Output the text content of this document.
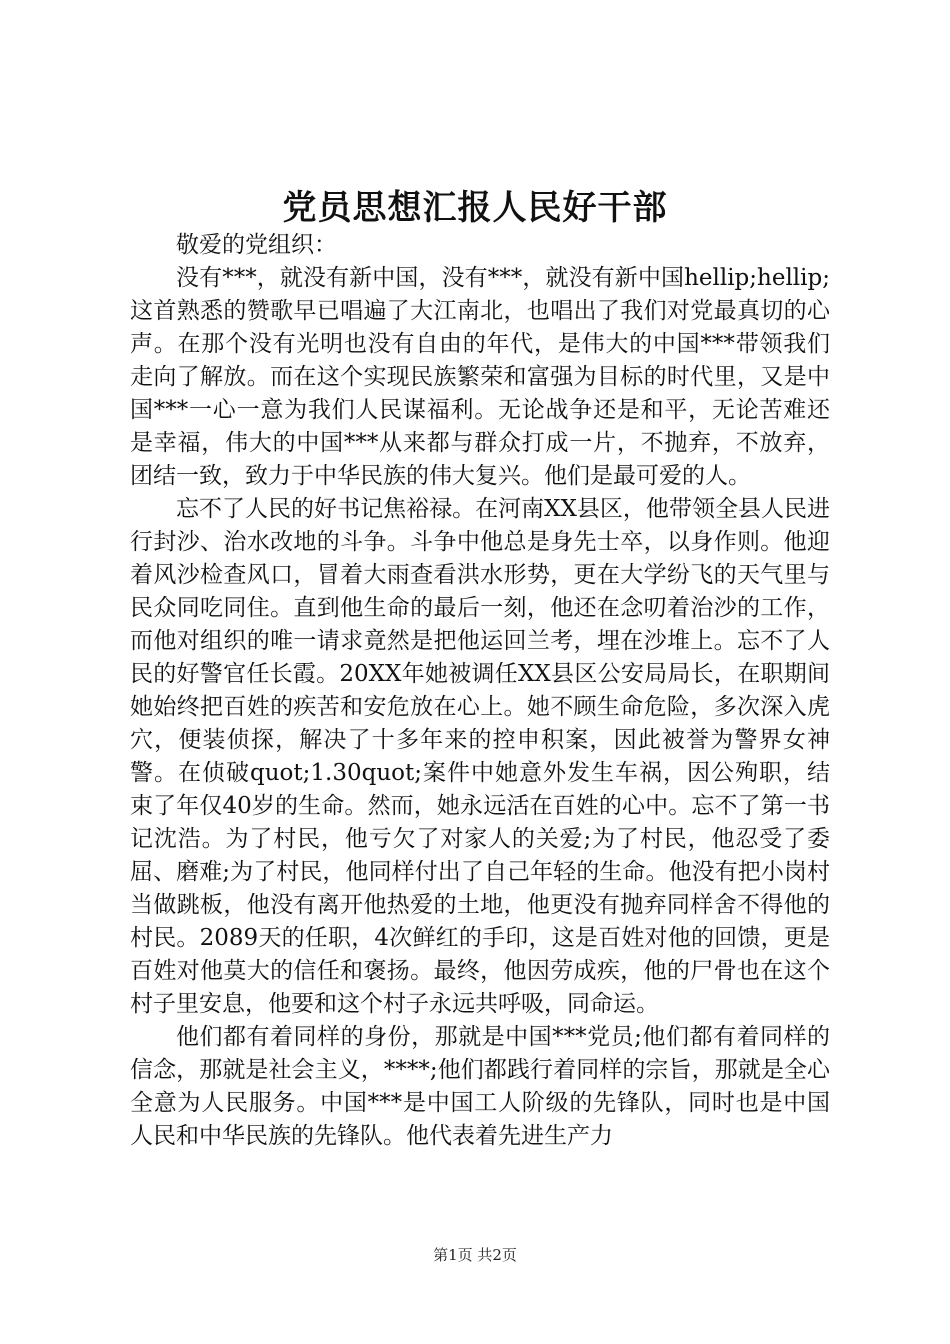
党员思想汇报人民好干部

敬爱的党组织：

没有***，就没有新中国，没有***，就没有新中国hellip;hellip;这首熟悉的赞歌早已唱遍了大江南北，也唱出了我们对党最真切的心声。在那个没有光明也没有自由的年代，是伟大的中国***带领我们走向了解放。而在这个实现民族繁荣和富强为目标的时代里，又是中国***一心一意为我们人民谋福利。无论战争还是和平，无论苦难还是幸福，伟大的中国***从来都与群众打成一片，不抛弃，不放弃，团结一致，致力于中华民族的伟大复兴。他们是最可爱的人。

忘不了人民的好书记焦裕禄。在河南XX县区，他带领全县人民进行封沙、治水改地的斗争。斗争中他总是身先士卒，以身作则。他迎着风沙检查风口，冒着大雨查看洪水形势，更在大学纷飞的天气里与民众同吃同住。直到他生命的最后一刻，他还在念叨着治沙的工作，而他对组织的唯一请求竟然是把他运回兰考，埋在沙堆上。忘不了人民的好警官任长霞。20XX年她被调任XX县区公安局局长，在职期间她始终把百姓的疾苦和安危放在心上。她不顾生命危险，多次深入虎穴，便装侦探，解决了十多年来的控申积案，因此被誉为警界女神警。在侦破quot;1.30quot;案件中她意外发生车祸，因公殉职，结束了年仅40岁的生命。然而，她永远活在百姓的心中。忘不了第一书记沈浩。为了村民，他亏欠了对家人的关爱;为了村民，他忍受了委屈、磨难;为了村民，他同样付出了自己年轻的生命。他没有把小岗村当做跳板，他没有离开他热爱的土地，他更没有抛弃同样舍不得他的村民。2089天的任职，4次鲜红的手印，这是百姓对他的回馈，更是百姓对他莫大的信任和褒扬。最终，他因劳成疾，他的尸骨也在这个村子里安息，他要和这个村子永远共呼吸，同命运。

他们都有着同样的身份，那就是中国***党员;他们都有着同样的信念，那就是社会主义，****;他们都践行着同样的宗旨，那就是全心全意为人民服务。中国***是中国工人阶级的先锋队，同时也是中国人民和中华民族的先锋队。他代表着先进生产力

第1页 共2页
